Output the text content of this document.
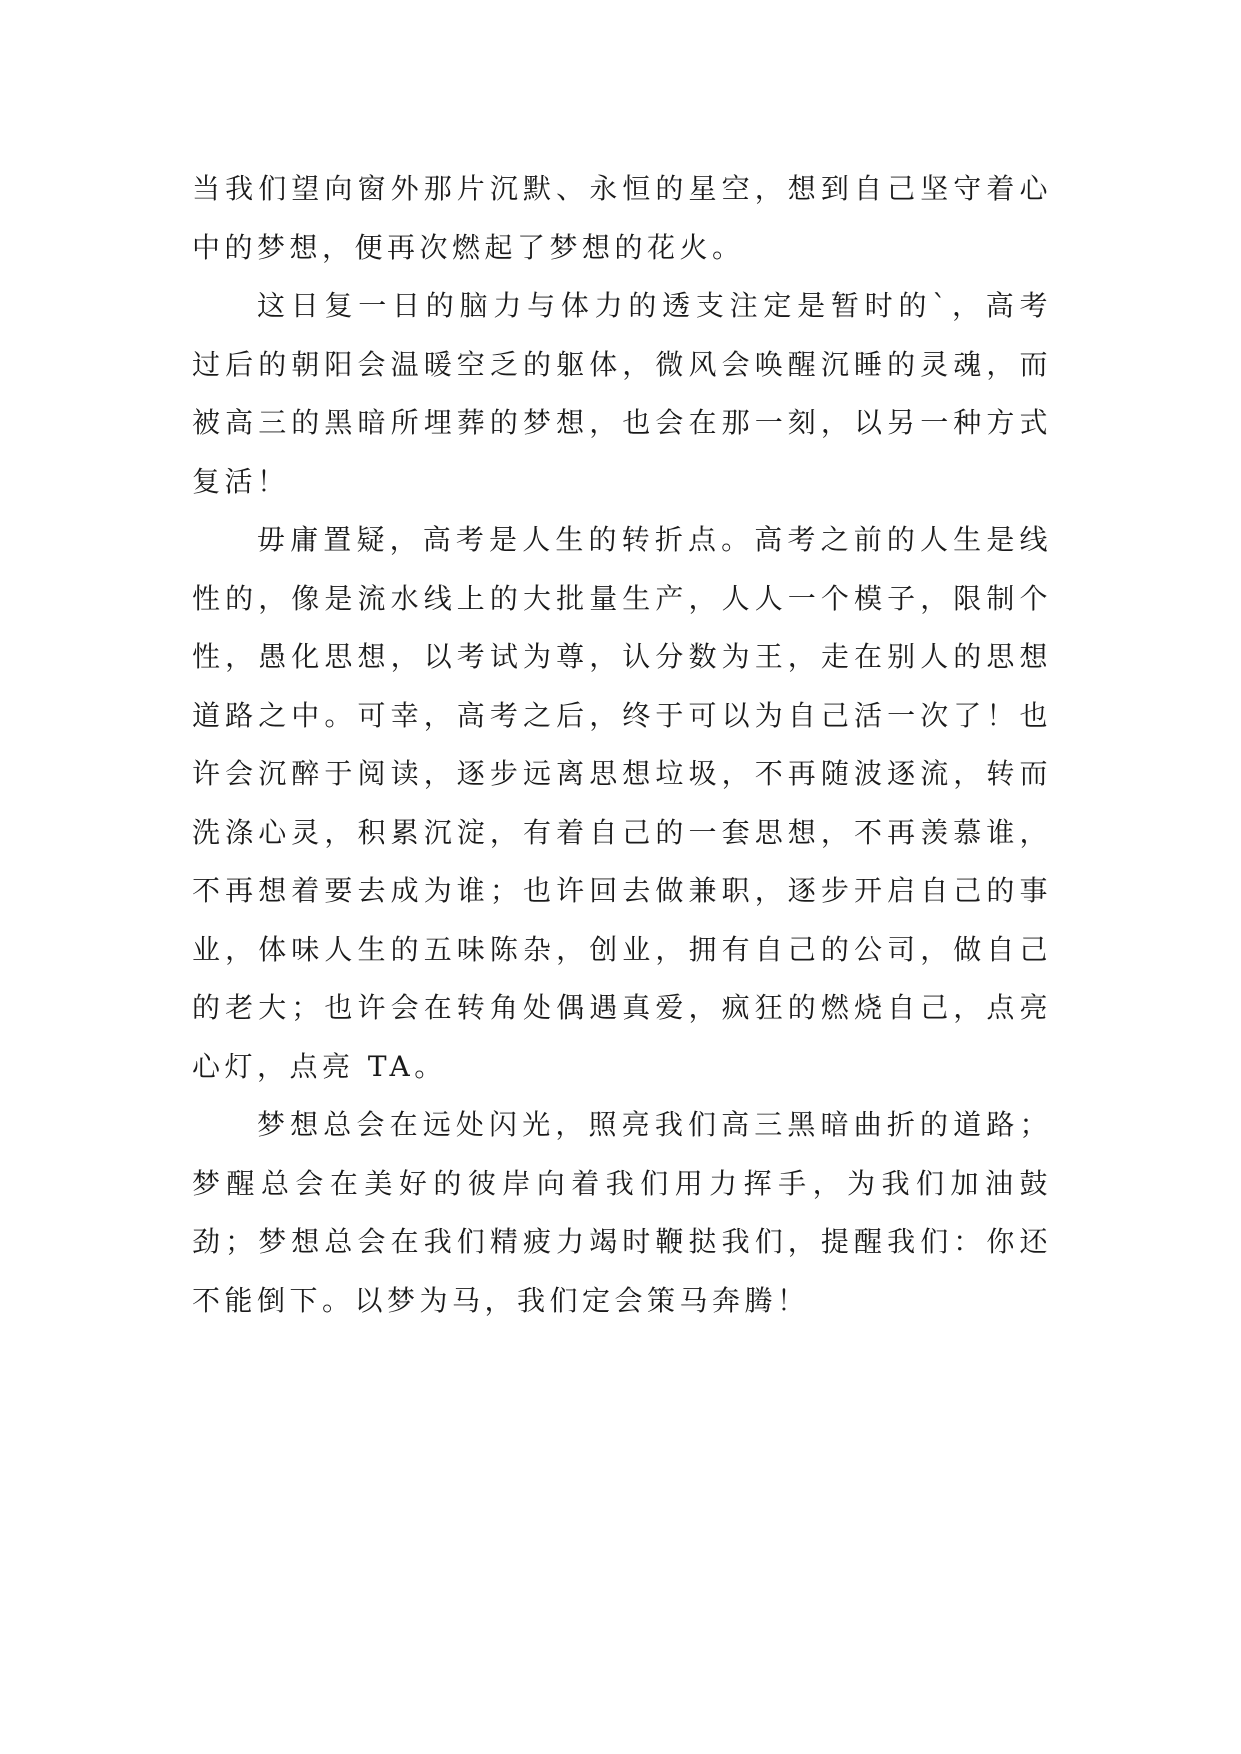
当我们望向窗外那片沉默、永恒的星空，想到自己坚守着心中的梦想，便再次燃起了梦想的花火。

这日复一日的脑力与体力的透支注定是暂时的`，高考过后的朝阳会温暖空乏的躯体，微风会唤醒沉睡的灵魂，而被高三的黑暗所埋葬的梦想，也会在那一刻，以另一种方式复活！

毋庸置疑，高考是人生的转折点。高考之前的人生是线性的，像是流水线上的大批量生产，人人一个模子，限制个性，愚化思想，以考试为尊，认分数为王，走在别人的思想道路之中。可幸，高考之后，终于可以为自己活一次了！也许会沉醉于阅读，逐步远离思想垃圾，不再随波逐流，转而洗涤心灵，积累沉淀，有着自己的一套思想，不再羡慕谁，不再想着要去成为谁；也许回去做兼职，逐步开启自己的事业，体味人生的五味陈杂，创业，拥有自己的公司，做自己的老大；也许会在转角处偶遇真爱，疯狂的燃烧自己，点亮心灯，点亮 TA。

梦想总会在远处闪光，照亮我们高三黑暗曲折的道路；梦醒总会在美好的彼岸向着我们用力挥手，为我们加油鼓劲；梦想总会在我们精疲力竭时鞭挞我们，提醒我们：你还不能倒下。以梦为马，我们定会策马奔腾！
